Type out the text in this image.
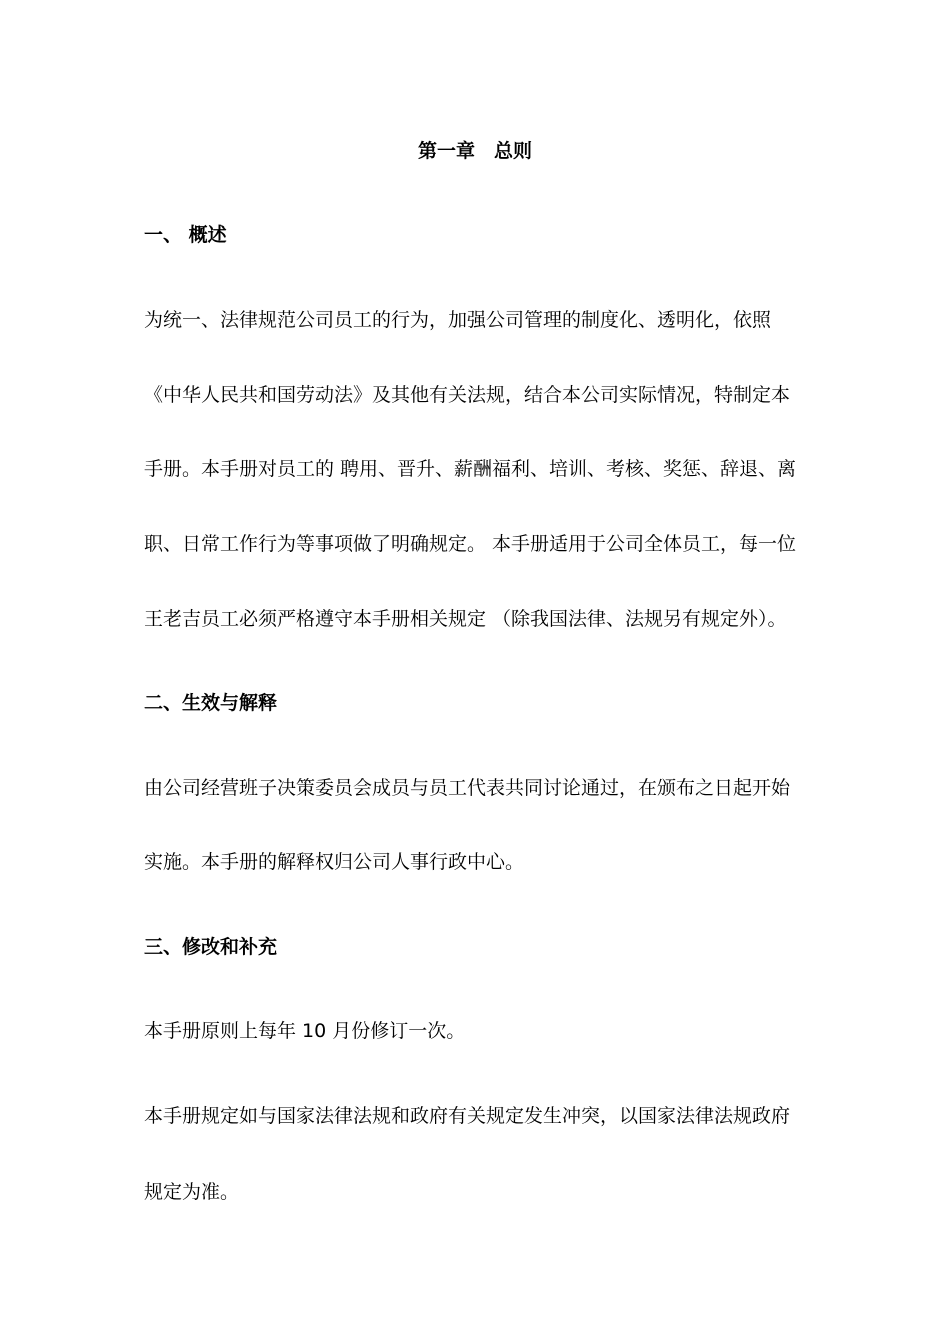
第一章　总则
一、 概述
为统一、法律规范公司员工的行为，加强公司管理的制度化、透明化，依照
《中华人民共和国劳动法》及其他有关法规，结合本公司实际情况，特制定本
手册。本手册对员工的 聘用、晋升、薪酬福利、培训、考核、奖惩、辞退、离
职、日常工作行为等事项做了明确规定。 本手册适用于公司全体员工，每一位
王老吉员工必须严格遵守本手册相关规定 （除我国法律、法规另有规定外）。
二、生效与解释
由公司经营班子决策委员会成员与员工代表共同讨论通过，在颁布之日起开始
实施。本手册的解释权归公司人事行政中心。
三、修改和补充
本手册原则上每年 10 月份修订一次。
本手册规定如与国家法律法规和政府有关规定发生冲突，以国家法律法规政府
规定为准。
